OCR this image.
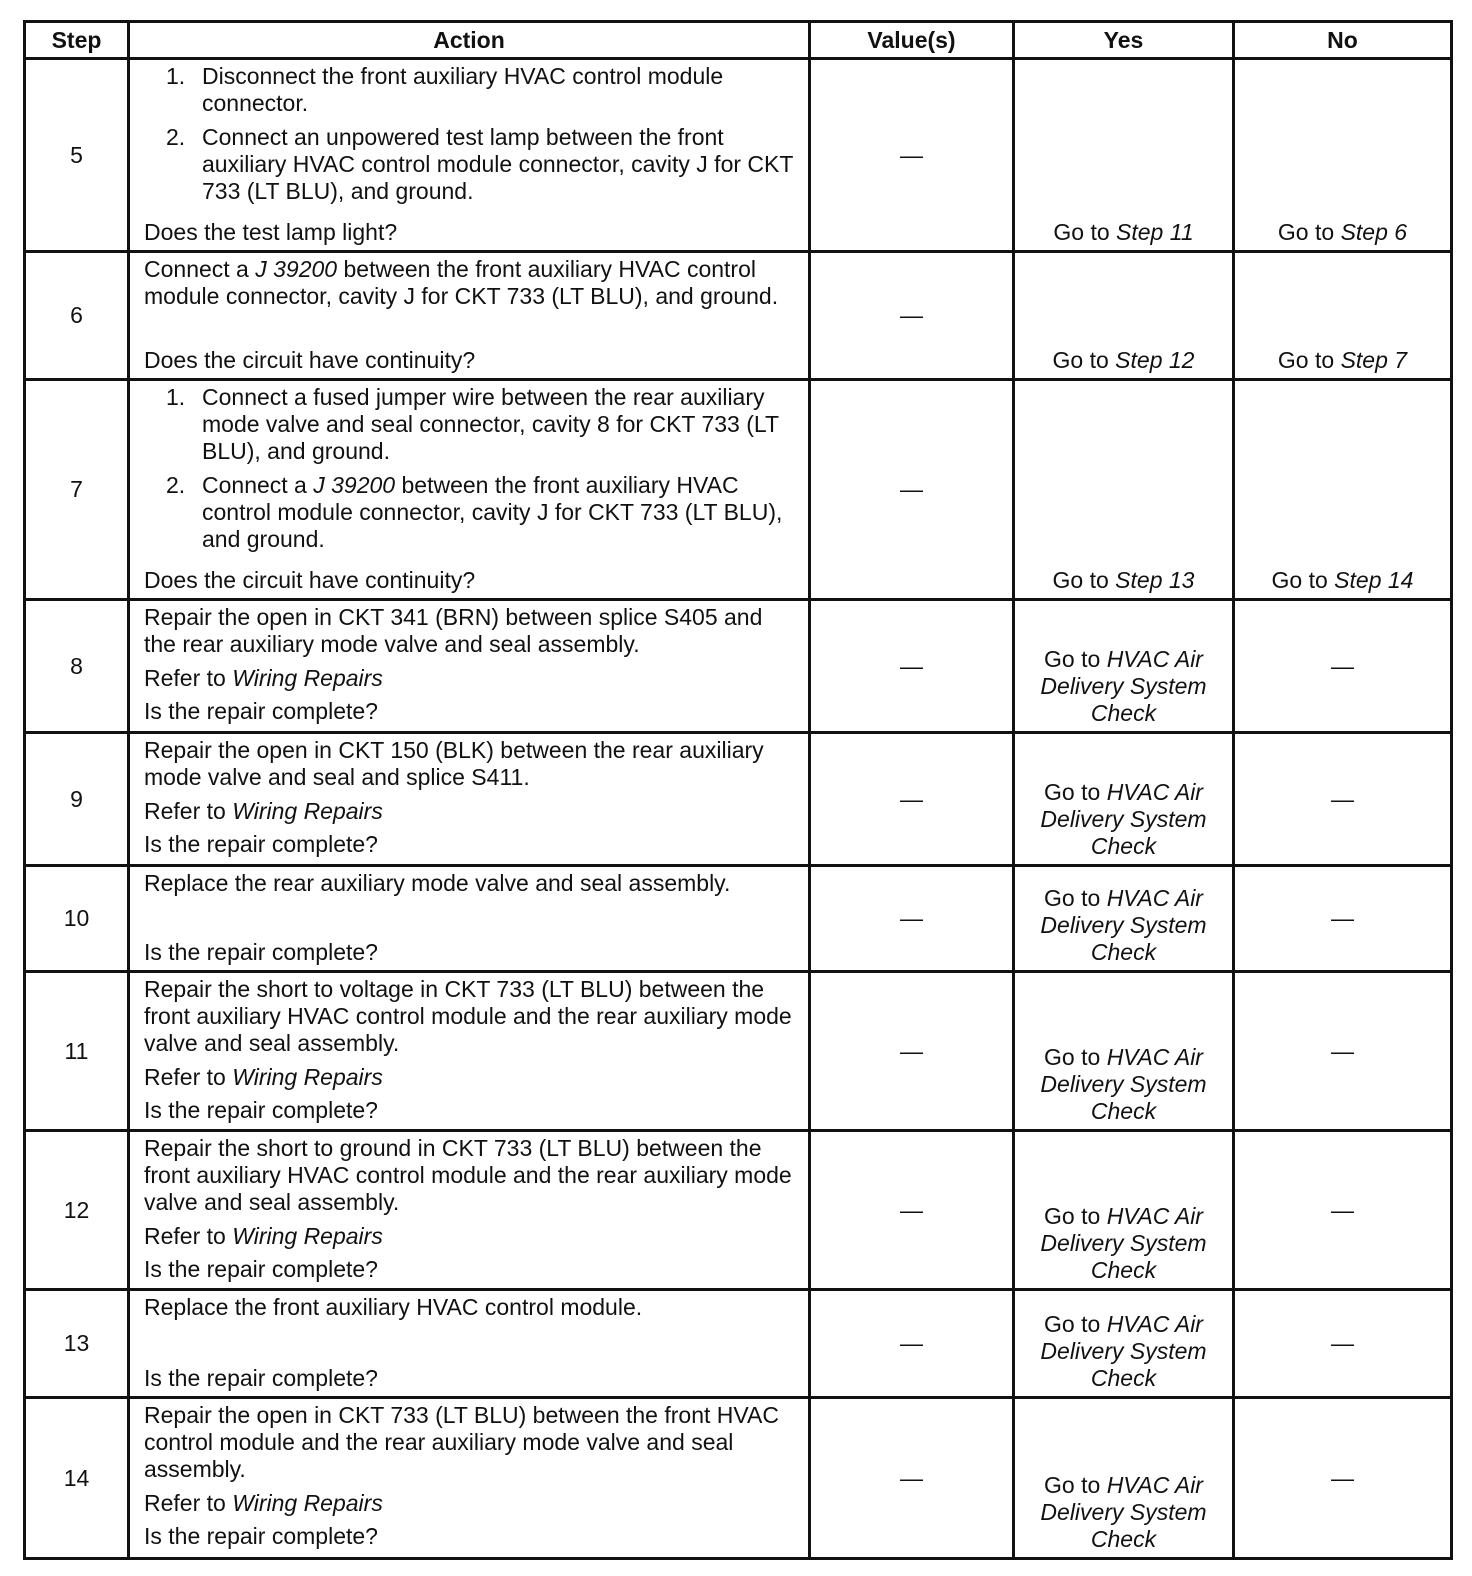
Step	Action	Value(s)	Yes	No
5	1. Disconnect the front auxiliary HVAC control module connector.
2. Connect an unpowered test lamp between the front auxiliary HVAC control module connector, cavity J for CKT 733 (LT BLU), and ground.
Does the test lamp light?	—	Go to Step 11	Go to Step 6
6	Connect a J 39200 between the front auxiliary HVAC control module connector, cavity J for CKT 733 (LT BLU), and ground.
Does the circuit have continuity?	—	Go to Step 12	Go to Step 7
7	1. Connect a fused jumper wire between the rear auxiliary mode valve and seal connector, cavity 8 for CKT 733 (LT BLU), and ground.
2. Connect a J 39200 between the front auxiliary HVAC control module connector, cavity J for CKT 733 (LT BLU), and ground.
Does the circuit have continuity?	—	Go to Step 13	Go to Step 14
8	Repair the open in CKT 341 (BRN) between splice S405 and the rear auxiliary mode valve and seal assembly.
Refer to Wiring Repairs
Is the repair complete?	—	Go to HVAC Air Delivery System Check	—
9	Repair the open in CKT 150 (BLK) between the rear auxiliary mode valve and seal and splice S411.
Refer to Wiring Repairs
Is the repair complete?	—	Go to HVAC Air Delivery System Check	—
10	Replace the rear auxiliary mode valve and seal assembly.
Is the repair complete?	—	Go to HVAC Air Delivery System Check	—
11	Repair the short to voltage in CKT 733 (LT BLU) between the front auxiliary HVAC control module and the rear auxiliary mode valve and seal assembly.
Refer to Wiring Repairs
Is the repair complete?	—	Go to HVAC Air Delivery System Check	—
12	Repair the short to ground in CKT 733 (LT BLU) between the front auxiliary HVAC control module and the rear auxiliary mode valve and seal assembly.
Refer to Wiring Repairs
Is the repair complete?	—	Go to HVAC Air Delivery System Check	—
13	Replace the front auxiliary HVAC control module.
Is the repair complete?	—	Go to HVAC Air Delivery System Check	—
14	Repair the open in CKT 733 (LT BLU) between the front HVAC control module and the rear auxiliary mode valve and seal assembly.
Refer to Wiring Repairs
Is the repair complete?	—	Go to HVAC Air Delivery System Check	—
